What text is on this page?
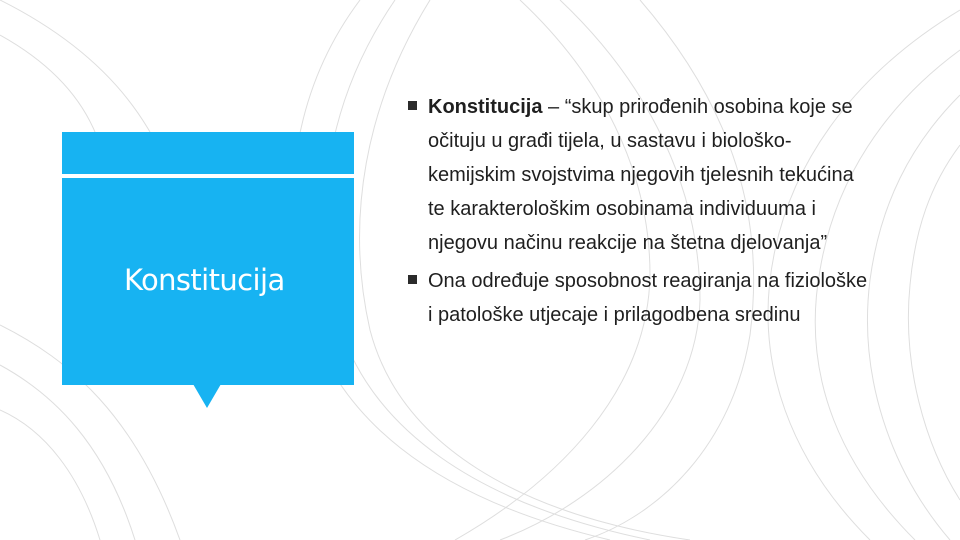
Konstitucija
Konstitucija – “skup prirođenih osobina koje se očituju u građi tijela, u sastavu i biološko-kemijskim svojstvima njegovih tjelesnih tekućina te karakterološkim osobinama individuuma i njegovu načinu reakcije na štetna djelovanja”
Ona određuje sposobnost reagiranja na fiziološke i patološke utjecaje i prilagodbena sredinu
